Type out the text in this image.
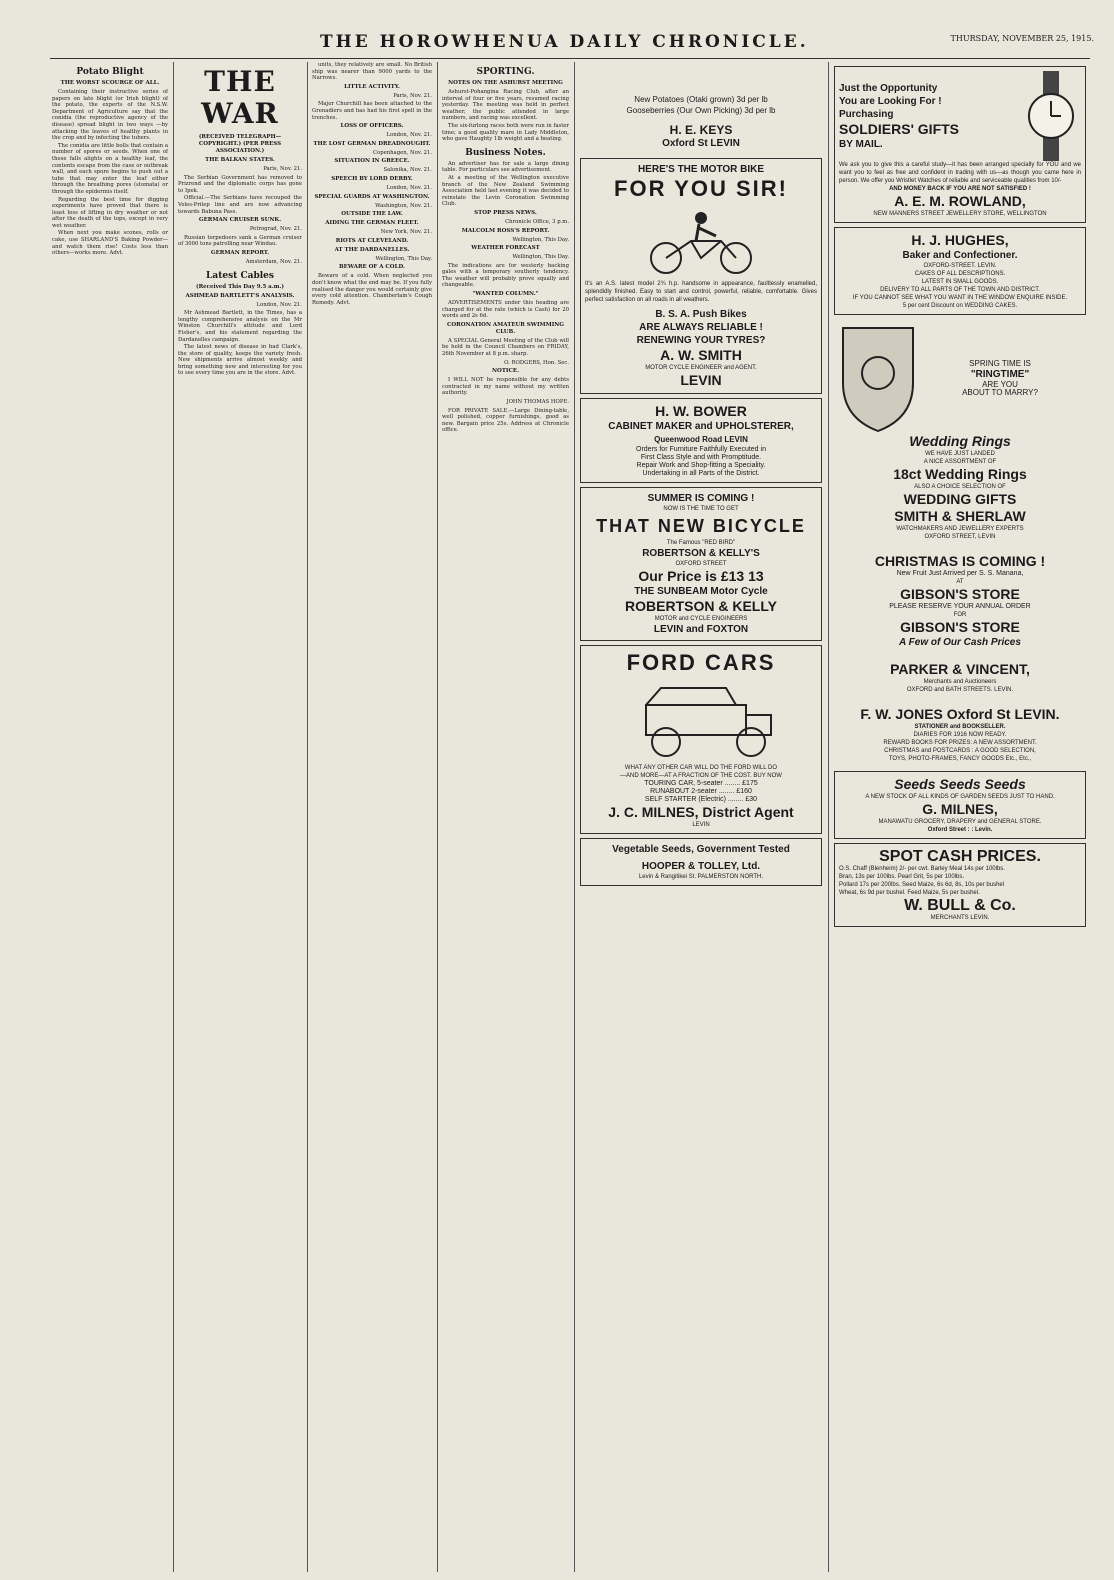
THE HOROWHENUA DAILY CHRONICLE.	THURSDAY, NOVEMBER 25, 1915.
Potato Blight
THE WORST SCOURGE OF ALL.

Containing their instructive series of papers on late blight (or Irish blight) of the potato, the experts of the N.S.W. Department of Agriculture say that the conidia (the reproductive agency of the disease) spread blight in two ways —by attacking the leaves of healthy plants in the crop and by infecting the tubers.

The conidia are little bolls that contain a number of spores or seeds. When one of these falls alights on a healthy leaf, the contents escape from the case or outbreak wall, and each spore begins to push out a tube that may enter the leaf either through the breathing pores (stomata) or through the epidermis itself.

Regarding the best time for digging experiments have proved that there is least loss of lifting in dry weather or not after the death of the tops, except in very wet weather.

When next you make scones, rolls or cake, use SHARLAND'S Baking Powder—and watch them rise! Costs less than others—works more. Advt.

THE WAR
(RECEIVED TELEGRAPH—COPYRIGHT.) (PER PRESS ASSOCIATION.)
THE BALKAN STATES.
Paris, Nov. 21.

The Serbian Government has removed to Prizrend and the diplomatic corps has gone to Ipek.

Official.—The Serbians have recouped the Veles-Prilep line and are now advancing towards Babuna Pass.

GERMAN CRUISER SUNK.
Petrograd, Nov. 21.

Russian torpedoers sank a German cruiser of 3000 tons patrolling near Windau.

GERMAN REPORT.
Amsterdam, Nov. 21.
Latest Cables
(Received This Day 9.5 a.m.)
ASHMEAD BARTLETT'S ANALYSIS.
London, Nov. 21.

Mr Ashmead Bartlett, in the Times, has a lengthy comprehensive analysis on the Mr Winston Churchill's attitude and Lord Fisher's, and his statement regarding the Dardanelles campaign.

The latest news of disease in bad Clark's, the store of quality, keeps the variety fresh. New shipments arrive almost weekly and bring something new and interesting for you to see every time you are in the store. Advt.

units, they relatively are small. No British ship was nearer than 9000 yards to the Narrows.

LITTLE ACTIVITY.
Paris, Nov. 21.

Major Churchill has been attached to the Grenadiers and has had his first spell in the trenches.

LOSS OF OFFICERS.
London, Nov. 21.
THE LOST GERMAN DREADNOUGHT.
Copenhagen, Nov. 21.
SITUATION IN GREECE.
Salonika, Nov. 21.
SPEECH BY LORD DERBY.
London, Nov. 21.
SPECIAL GUARDS AT WASHINGTON.
Washington, Nov. 21.
OUTSIDE THE LAW.
AIDING THE GERMAN FLEET.
New York, Nov. 21.
RIOTS AT CLEVELAND.
AT THE DARDANELLES.
Wellington, This Day.
BEWARE OF A COLD.

Beware of a cold. When neglected you don't know what the end may be. If you fully realised the danger you would certainly give every cold attention. Chamberlain's Cough Remedy. Advt.

SPORTING.
NOTES ON THE ASHURST MEETING

Ashurst-Pohangina Racing Club, after an interval of four or five years, resumed racing yesterday. The meeting was held in perfect weather; the public attended in large numbers, and racing was excellent.

The six-furlong races both were run in faster time; a good quality mare in Lady Middleton, who gave Haughty 1lb weight and a beating.

Business Notes.

An advertiser has for sale a large dining table. For particulars see advertisement.

At a meeting of the Wellington executive branch of the New Zealand Swimming Association held last evening it was decided to reinstate the Levin Coronation Swimming Club.

STOP PRESS NEWS.
Chronicle Office, 3 p.m.
MALCOLM ROSS'S REPORT.
Wellington, This Day.
WEATHER FORECAST
Wellington, This Day.

The indications are for westerly backing gales with a temporary southerly tendency. The weather will probably prove squally and changeable.

"WANTED COLUMN."

ADVERTISEMENTS under this heading are charged for at the rate (which is Cash) for 20 words and 2s 6d.

CORONATION AMATEUR SWIMMING CLUB.

A SPECIAL General Meeting of the Club will be held in the Council Chambers on FRIDAY, 26th November at 8 p.m. sharp.

O. RODGERS, Hon. Sec.
NOTICE.

I WILL NOT be responsible for any debts contracted in my name without my written authority.

JOHN THOMAS HOPE.

FOR PRIVATE SALE.—Large Dining-table, well polished, copper furnishings, good as new. Bargain price 25s. Address at Chronicle office.

New Potatoes (Otaki grown) 3d per lb
Gooseberries (Our Own Picking) 3d per lb
H. E. KEYS
Oxford St LEVIN
HERE'S THE MOTOR BIKE
FOR YOU SIR!
It's an A.S. latest model 2¾ h.p. handsome in appearance, faultlessly enamelled, splendidly finished. Easy to start and control, powerful, reliable, comfortable. Gives perfect satisfaction on all roads in all weathers.
B. S. A. Push Bikes
ARE ALWAYS RELIABLE !
RENEWING YOUR TYRES?
A. W. SMITH
MOTOR CYCLE ENGINEER and AGENT.
LEVIN
H. W. BOWER
CABINET MAKER and UPHOLSTERER,
Queenwood Road LEVIN
Orders for Furniture Faithfully Executed in
First Class Style and with Promptitude.
Repair Work and Shop-fitting a Speciality.
Undertaking in all Parts of the District.
SUMMER IS COMING !
NOW IS THE TIME TO GET
THAT NEW BICYCLE
The Famous "RED BIRD"
ROBERTSON & KELLY'S
OXFORD STREET
Our Price is £13 13
THE SUNBEAM Motor Cycle
ROBERTSON & KELLY
MOTOR and CYCLE ENGINEERS
LEVIN and FOXTON
FORD CARS
WHAT ANY OTHER CAR WILL DO THE FORD WILL DO
—AND MORE—AT A FRACTION OF THE COST. BUY NOW
TOURING CAR, 5-seater ........ £175
RUNABOUT 2-seater ........ £160
SELF STARTER (Electric) ........ £30
J. C. MILNES, District Agent
LEVIN
Vegetable Seeds, Government Tested
HOOPER & TOLLEY, Ltd.
Levin & Rangitikei St. PALMERSTON NORTH.
Just the Opportunity
You are Looking For !
Purchasing
SOLDIERS' GIFTS
BY MAIL.
We ask you to give this a careful study—it has been arranged specially for YOU and we want you to feel as free and confident in trading with us—as though you came here in person. We offer you Wristlet Watches of reliable and serviceable qualities from 10/-
AND MONEY BACK IF YOU ARE NOT SATISFIED !
A. E. M. ROWLAND,
NEW MANNERS STREET JEWELLERY STORE, WELLINGTON
H. J. HUGHES,
Baker and Confectioner.
OXFORD-STREET. LEVIN.
CAKES OF ALL DESCRIPTIONS.
LATEST IN SMALL GOODS.
DELIVERY TO ALL PARTS OF THE TOWN AND DISTRICT.
IF YOU CANNOT SEE WHAT YOU WANT IN THE WINDOW ENQUIRE INSIDE.
5 per cent Discount on WEDDING CAKES.
SPRING TIME IS
"RINGTIME"
ARE YOU
ABOUT TO MARRY?
Wedding Rings
WE HAVE JUST LANDED
A NICE ASSORTMENT OF
18ct Wedding Rings
ALSO A CHOICE SELECTION OF
WEDDING GIFTS
SMITH & SHERLAW
WATCHMAKERS AND JEWELLERY EXPERTS
OXFORD STREET, LEVIN
CHRISTMAS IS COMING !
New Fruit Just Arrived per S. S. Manana,
AT
GIBSON'S STORE
PLEASE RESERVE YOUR ANNUAL ORDER
FOR
GIBSON'S STORE
A Few of Our Cash Prices
PARKER & VINCENT,
Merchants and Auctioneers
OXFORD and BATH STREETS. LEVIN.
F. W. JONES Oxford St LEVIN.
STATIONER and BOOKSELLER.
DIARIES FOR 1916 NOW READY.
REWARD BOOKS FOR PRIZES: A NEW ASSORTMENT.
CHRISTMAS and POSTCARDS : A GOOD SELECTION,
TOYS, PHOTO-FRAMES, FANCY GOODS Etc., Etc.,
Seeds Seeds Seeds
A NEW STOCK OF ALL KINDS OF GARDEN SEEDS JUST TO HAND.
G. MILNES,
MANAWATU GROCERY, DRAPERY and GENERAL STORE.
Oxford Street : : Levin.
SPOT CASH PRICES.
O.S. Chaff (Blenheim) 2/- per cwt. Barley Meal 14s per 100lbs.
Bran, 13s per 100lbs. Pearl Grit, 5s per 100lbs.
Pollard 17s per 200lbs. Seed Maize, 6s 6d, 8s, 10s per bushel
Wheat, 6s 9d per bushel. Feed Maize, 5s per bushel.
W. BULL & Co.
MERCHANTS LEVIN.
